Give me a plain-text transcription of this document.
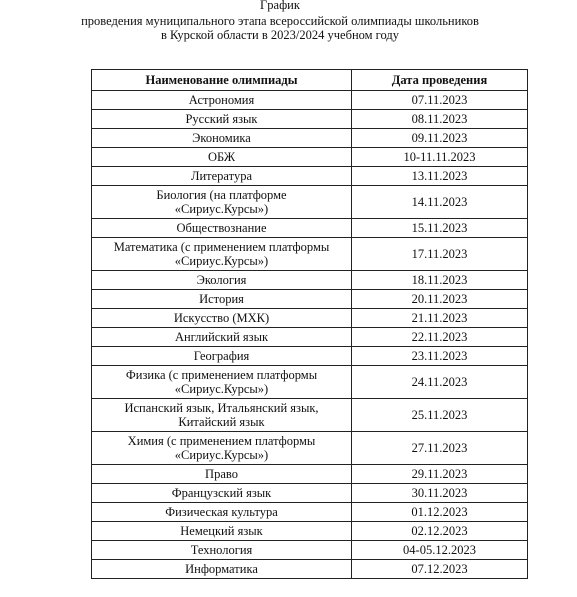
Гpафик
проведения муниципального этапа всероссийской олимпиады школьников
в Курской области в 2023/2024 учебном году
Наименование олимпиады	Дата проведения
Астрономия	07.11.2023
Русский язык	08.11.2023
Экономика	09.11.2023
ОБЖ	10-11.11.2023
Литература	13.11.2023
Биология (на платформе
«Сириус.Курсы»)	14.11.2023
Обществознание	15.11.2023
Математика (с применением платформы
«Сириус.Курсы»)	17.11.2023
Экология	18.11.2023
История	20.11.2023
Искусство (МХК)	21.11.2023
Английский язык	22.11.2023
География	23.11.2023
Физика (с применением платформы
«Сириус.Курсы»)	24.11.2023
Испанский язык, Итальянский язык,
Китайский язык	25.11.2023
Химия (с применением платформы
«Сириус.Курсы»)	27.11.2023
Право	29.11.2023
Французский язык	30.11.2023
Физическая культура	01.12.2023
Немецкий язык	02.12.2023
Технология	04-05.12.2023
Информатика	07.12.2023
